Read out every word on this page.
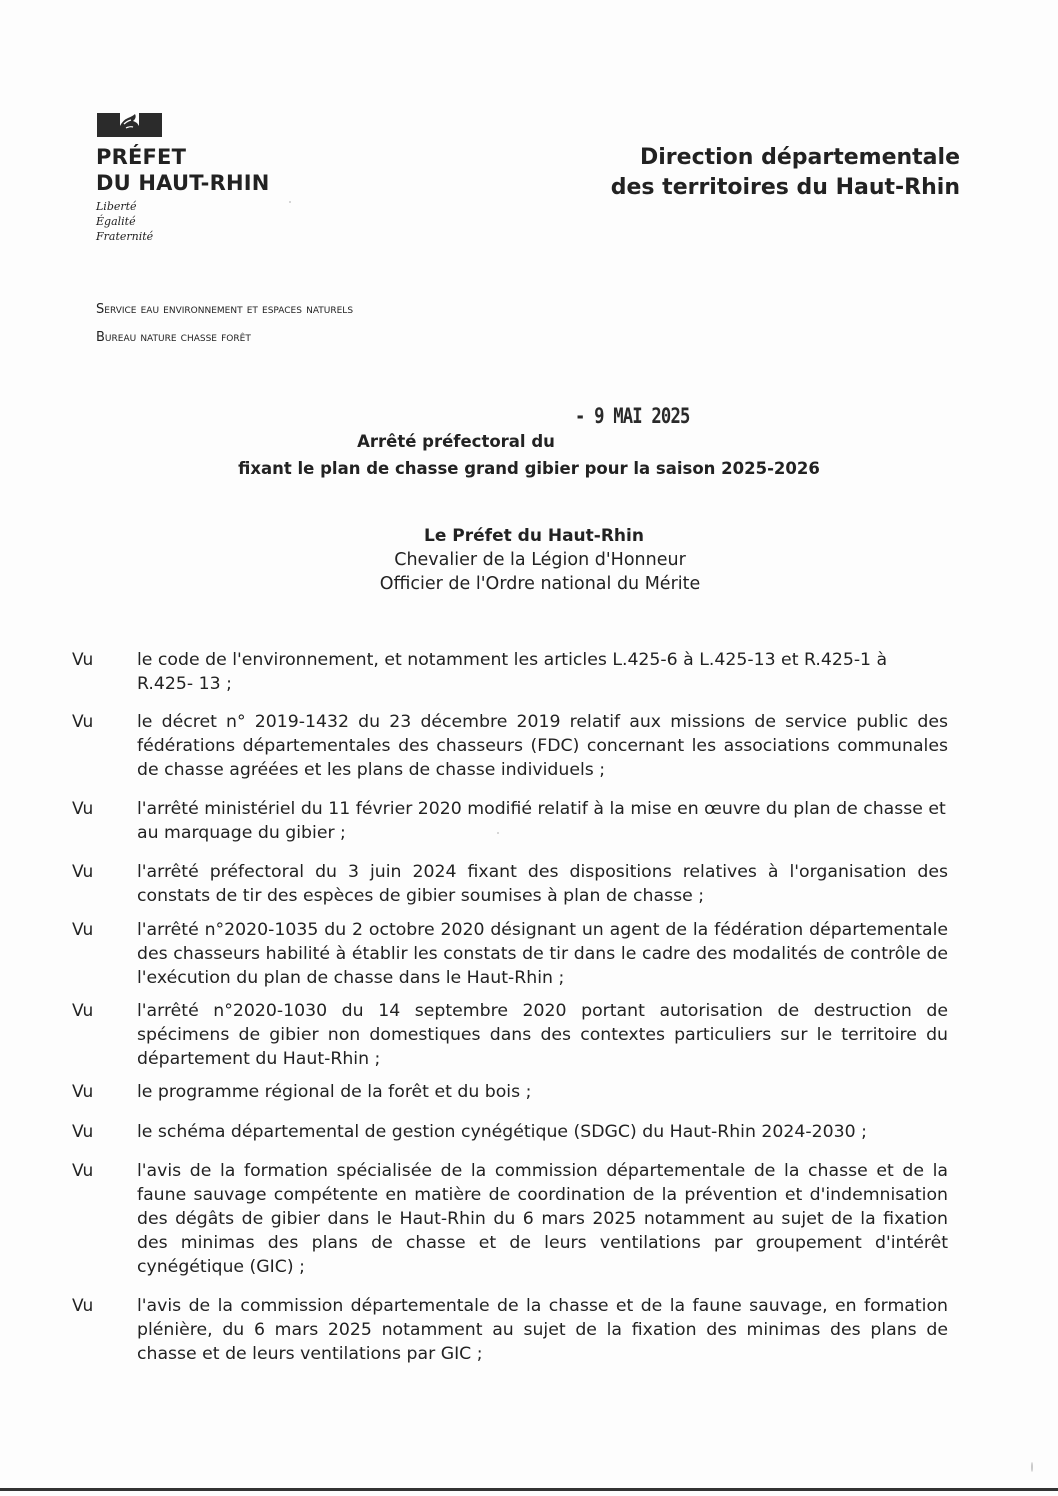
PRÉFET
DU HAUT-RHIN
Liberté
Égalité
Fraternité
Direction départementale
des territoires du Haut-Rhin
Service eau environnement et espaces naturels
Bureau nature chasse forêt
- 9 MAI 2025
Arrêté préfectoral du
fixant le plan de chasse grand gibier pour la saison 2025-2026
Le Préfet du Haut-Rhin
Chevalier de la Légion d'Honneur
Officier de l'Ordre national du Mérite
Vu	le code de l'environnement, et notamment les articles L.425-6 à L.425-13 et R.425-1 à R.425- 13 ;
Vu	le décret n° 2019-1432 du 23 décembre 2019 relatif aux missions de service public des fédérations départementales des chasseurs (FDC) concernant les associations communales de chasse agréées et les plans de chasse individuels ;
Vu	l'arrêté ministériel du 11 février 2020 modifié relatif à la mise en œuvre du plan de chasse et au marquage du gibier ;
Vu	l'arrêté préfectoral du 3 juin 2024 fixant des dispositions relatives à l'organisation des constats de tir des espèces de gibier soumises à plan de chasse ;
Vu	l'arrêté n°2020-1035 du 2 octobre 2020 désignant un agent de la fédération départementale des chasseurs habilité à établir les constats de tir dans le cadre des modalités de contrôle de l'exécution du plan de chasse dans le Haut-Rhin ;
Vu	l'arrêté n°2020-1030 du 14 septembre 2020 portant autorisation de destruction de spécimens de gibier non domestiques dans des contextes particuliers sur le territoire du département du Haut-Rhin ;
Vu	le programme régional de la forêt et du bois ;
Vu	le schéma départemental de gestion cynégétique (SDGC) du Haut-Rhin 2024-2030 ;
Vu	l'avis de la formation spécialisée de la commission départementale de la chasse et de la faune sauvage compétente en matière de coordination de la prévention et d'indemnisation des dégâts de gibier dans le Haut-Rhin du 6 mars 2025 notamment au sujet de la fixation des minimas des plans de chasse et de leurs ventilations par groupement d'intérêt cynégétique (GIC) ;
Vu	l'avis de la commission départementale de la chasse et de la faune sauvage, en formation plénière, du 6 mars 2025 notamment au sujet de la fixation des minimas des plans de chasse et de leurs ventilations par GIC ;
